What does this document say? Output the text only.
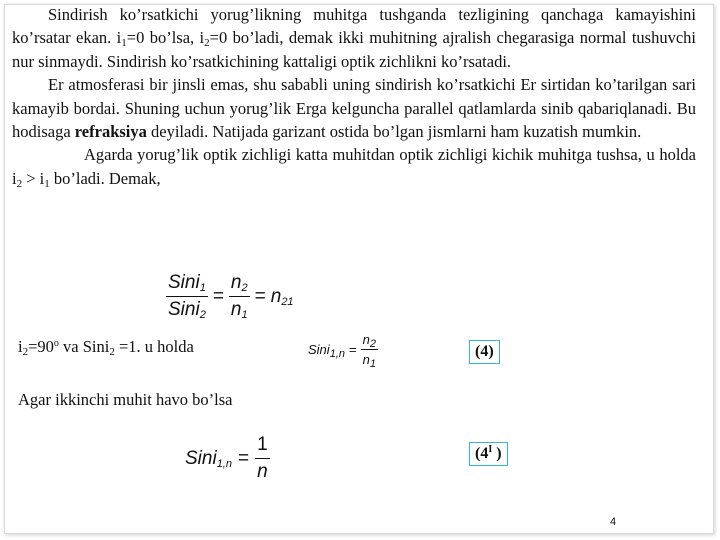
Sindirish ko’rsatkichi yorug’likning muhitga tushganda tezligining qanchaga kamayishini ko’rsatar ekan. $i_1=0$ bo’lsa, $i_2=0$ bo’ladi, demak ikki muhitning ajralish chegarasiga normal tushuvchi nur sinmaydi. Sindirish ko’rsatkichining kattaligi optik zichlikni ko’rsatadi.

Er atmosferasi bir jinsli emas, shu sababli uning sindirish ko’rsatkichi Er sirtidan ko’tarilgan sari kamayib bordai. Shuning uchun yorug’lik Erga kelguncha parallel qatlamlarda sinib qabariqlanadi. Bu hodisaga refraksiya deyiladi. Natijada garizant ostida bo’lgan jismlarni ham kuzatish mumkin.

Agarda yorug’lik optik zichligi katta muhitdan optik zichligi kichik muhitga tushsa, u holda $i_2 > i_1$ bo’ladi. Demak,

$\frac{Sini_1}{Sini_2} = \frac{n_2}{n_1} = n_{21}$
$i_2=90^o$ va Sini$_2$ =1. u holda	Sini$_{1,n}$ = $\frac{n_2}{n_1}$	(4)
Agar ikkinchi muhit havo bo’lsa
Sini$_{1,n}$ = $\frac{1}{n}$	($4^I$ )
4
